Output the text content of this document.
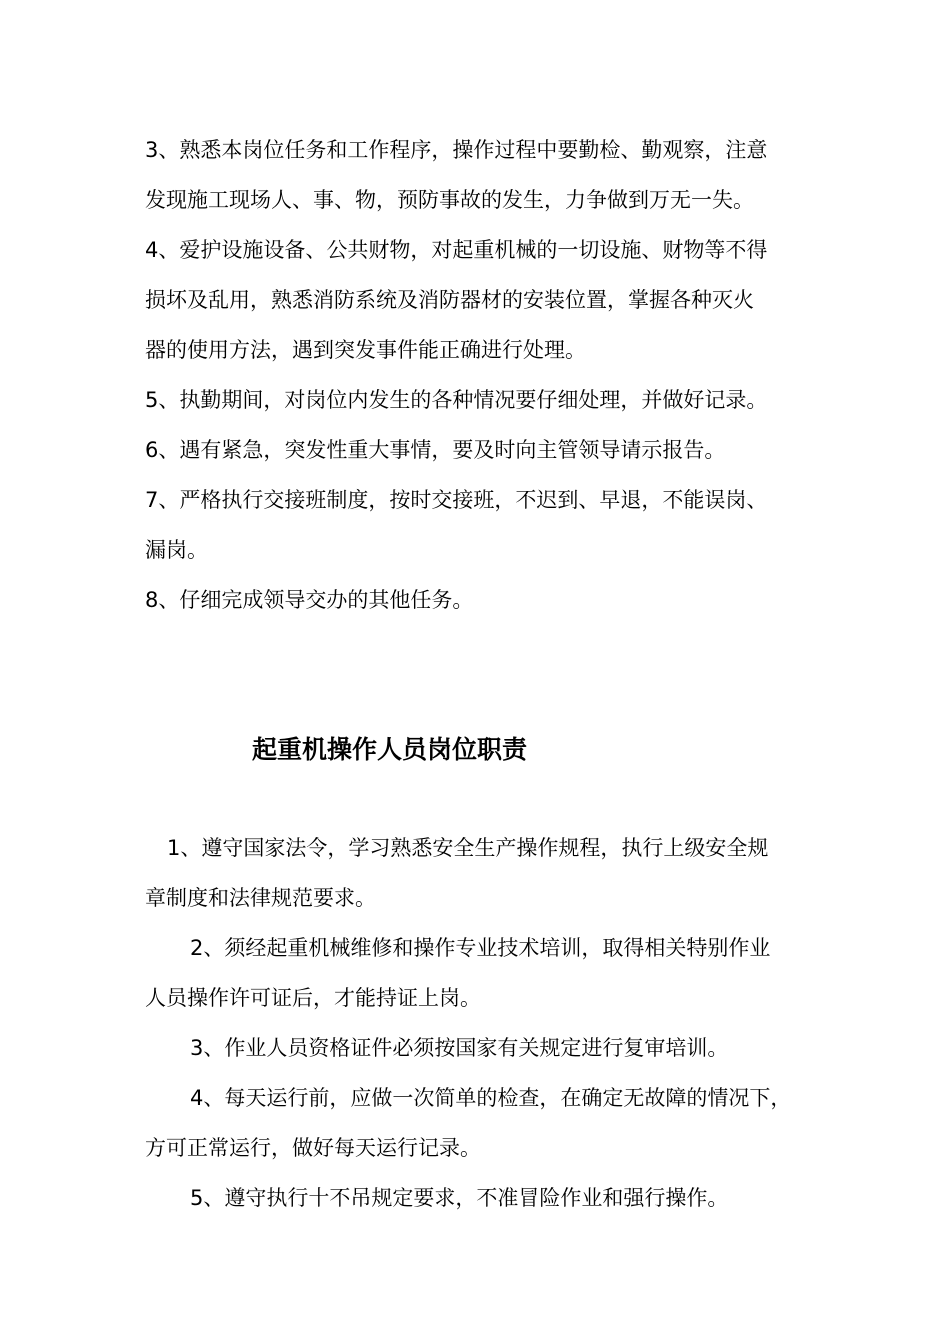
3、熟悉本岗位任务和工作程序，操作过程中要勤检、勤观察，注意
发现施工现场人、事、物，预防事故的发生，力争做到万无一失。
4、爱护设施设备、公共财物，对起重机械的一切设施、财物等不得
损坏及乱用，熟悉消防系统及消防器材的安装位置，掌握各种灭火
器的使用方法，遇到突发事件能正确进行处理。
5、执勤期间，对岗位内发生的各种情况要仔细处理，并做好记录。
6、遇有紧急，突发性重大事情，要及时向主管领导请示报告。
7、严格执行交接班制度，按时交接班，不迟到、早退，不能误岗、
漏岗。
8、仔细完成领导交办的其他任务。
起重机操作人员岗位职责
1、遵守国家法令，学习熟悉安全生产操作规程，执行上级安全规
章制度和法律规范要求。
2、须经起重机械维修和操作专业技术培训，取得相关特别作业
人员操作许可证后，才能持证上岗。
3、作业人员资格证件必须按国家有关规定进行复审培训。
4、每天运行前，应做一次简单的检查，在确定无故障的情况下，
方可正常运行，做好每天运行记录。
5、遵守执行十不吊规定要求，不准冒险作业和强行操作。
